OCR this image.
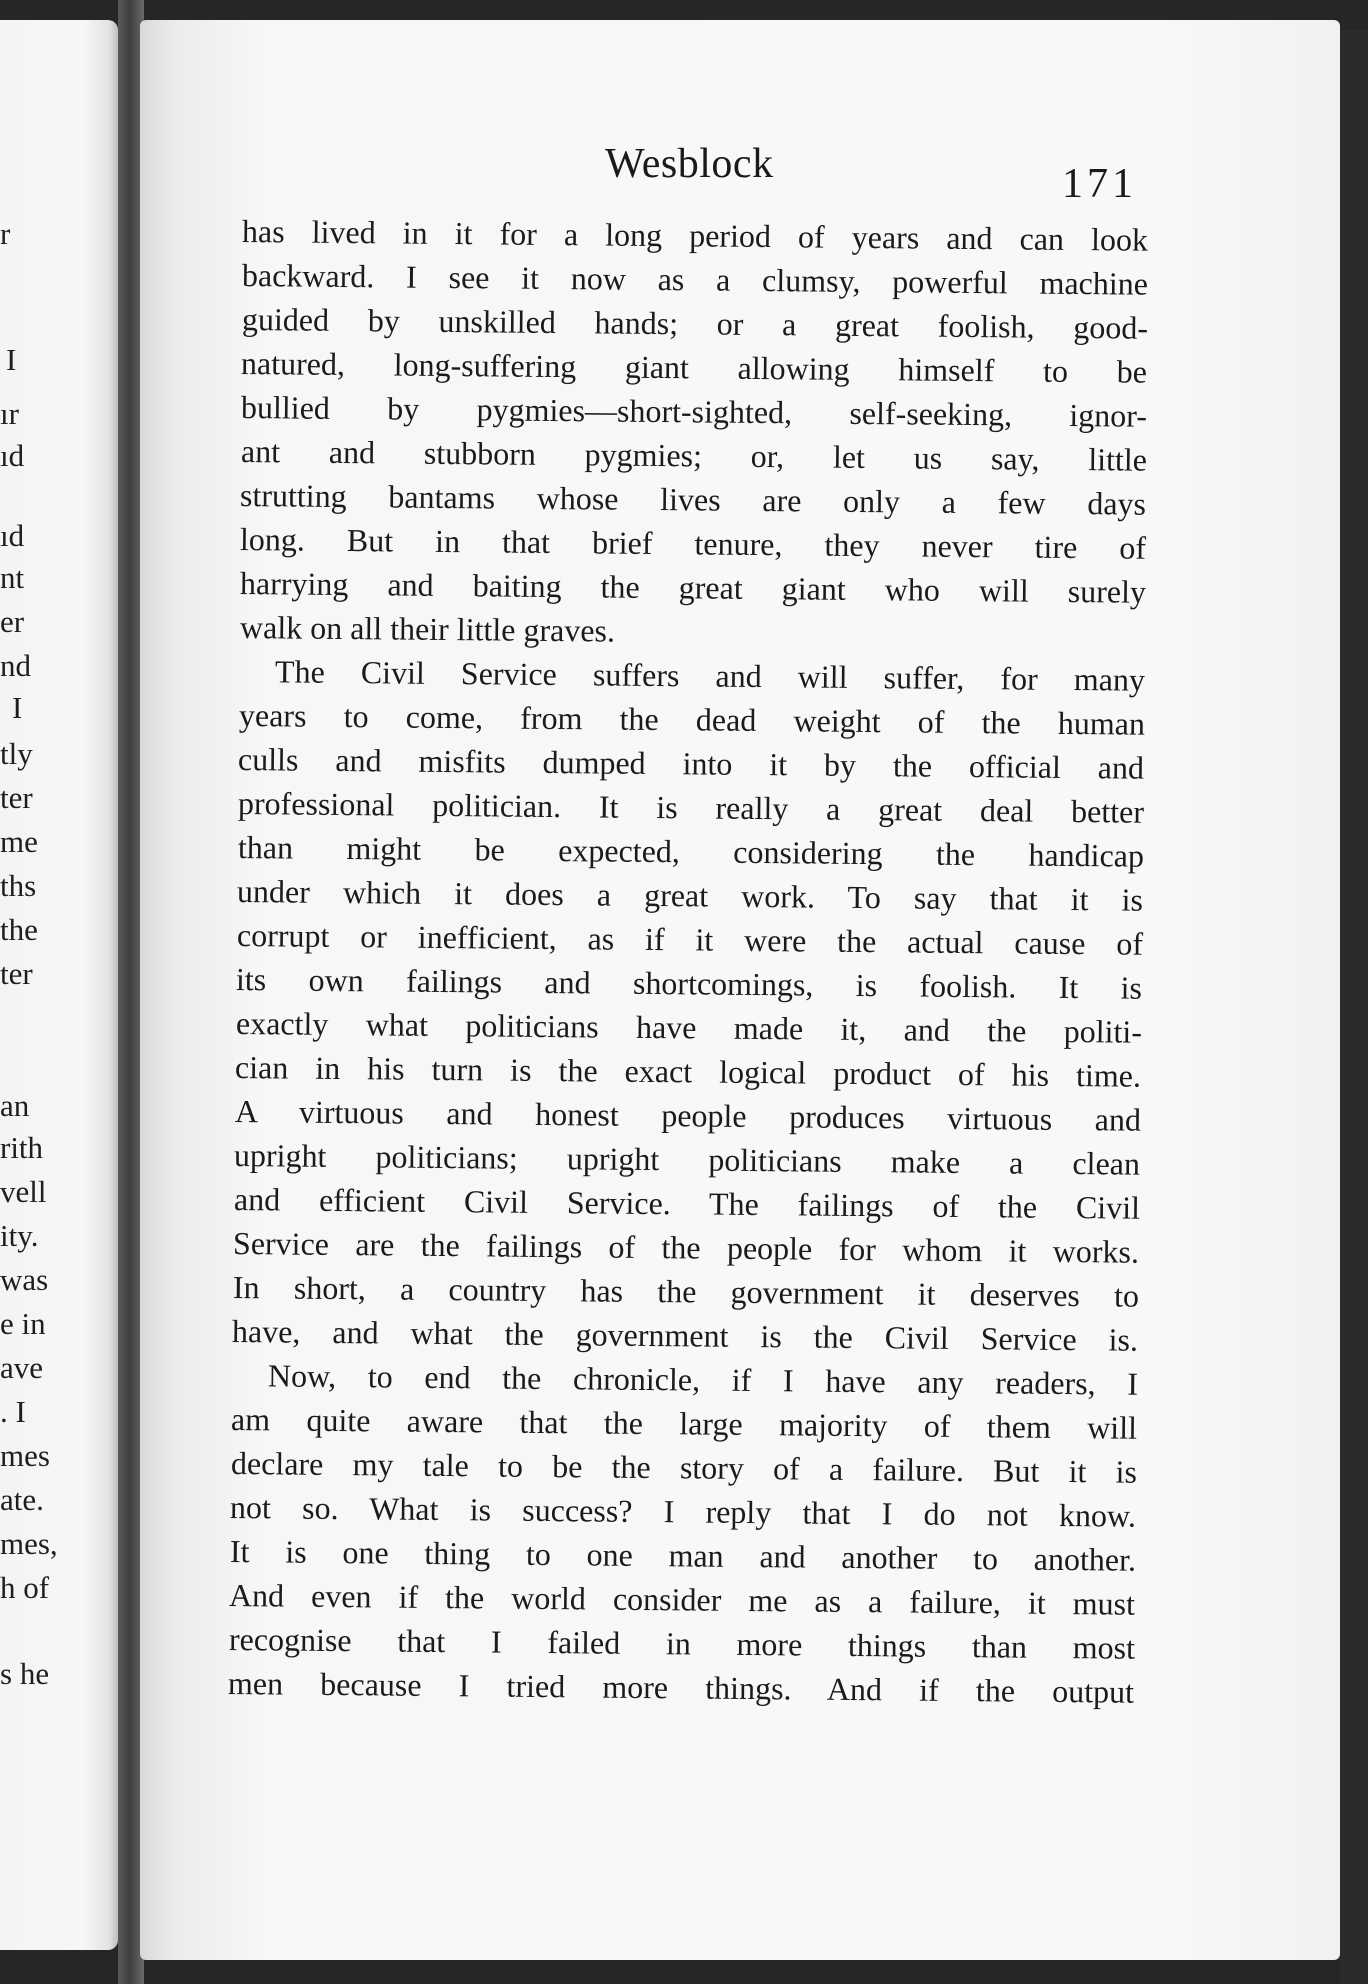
r
I
ır
ıd
ıd
nt
er
nd
I
tly
ter
me
ths
the
ter
an
rith
vell
ity.
was
e in
ave
. I
mes
ate.
mes,
h of
s he
Wesblock	171
has lived in it for a long period of years and can look
backward. I see it now as a clumsy, powerful machine
guided by unskilled hands; or a great foolish, good-
natured, long-suffering giant allowing himself to be
bullied by pygmies—short-sighted, self-seeking, ignor-
ant and stubborn pygmies; or, let us say, little
strutting bantams whose lives are only a few days
long. But in that brief tenure, they never tire of
harrying and baiting the great giant who will surely
walk on all their little graves.
The Civil Service suffers and will suffer, for many
years to come, from the dead weight of the human
culls and misfits dumped into it by the official and
professional politician. It is really a great deal better
than might be expected, considering the handicap
under which it does a great work. To say that it is
corrupt or inefficient, as if it were the actual cause of
its own failings and shortcomings, is foolish. It is
exactly what politicians have made it, and the politi-
cian in his turn is the exact logical product of his time.
A virtuous and honest people produces virtuous and
upright politicians; upright politicians make a clean
and efficient Civil Service. The failings of the Civil
Service are the failings of the people for whom it works.
In short, a country has the government it deserves to
have, and what the government is the Civil Service is.
Now, to end the chronicle, if I have any readers, I
am quite aware that the large majority of them will
declare my tale to be the story of a failure. But it is
not so. What is success? I reply that I do not know.
It is one thing to one man and another to another.
And even if the world consider me as a failure, it must
recognise that I failed in more things than most
men because I tried more things. And if the output
